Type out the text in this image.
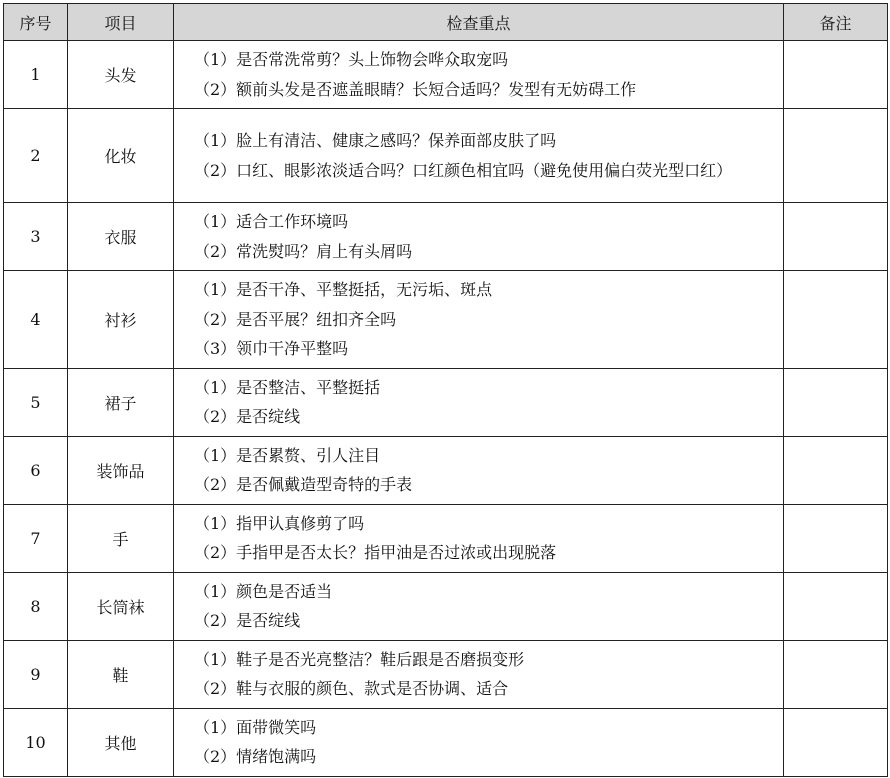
序号	项目	检查重点	备注
1	头发	（1）是否常洗常剪？头上饰物会哗众取宠吗
（2）额前头发是否遮盖眼睛？长短合适吗？发型有无妨碍工作	

2	化妆	（1）脸上有清洁、健康之感吗？保养面部皮肤了吗
（2）口红、眼影浓淡适合吗？口红颜色相宜吗（避免使用偏白荧光型口红）	

3	衣服	（1）适合工作环境吗
（2）常洗熨吗？肩上有头屑吗	

4	衬衫	（1）是否干净、平整挺括，无污垢、斑点
（2）是否平展？纽扣齐全吗
（3）领巾干净平整吗	

5	裙子	（1）是否整洁、平整挺括
（2）是否绽线	

6	装饰品	（1）是否累赘、引人注目
（2）是否佩戴造型奇特的手表	

7	手	（1）指甲认真修剪了吗
（2）手指甲是否太长？指甲油是否过浓或出现脱落	

8	长筒袜	（1）颜色是否适当
（2）是否绽线	

9	鞋	（1）鞋子是否光亮整洁？鞋后跟是否磨损变形
（2）鞋与衣服的颜色、款式是否协调、适合	

10	其他	（1）面带微笑吗
（2）情绪饱满吗	
